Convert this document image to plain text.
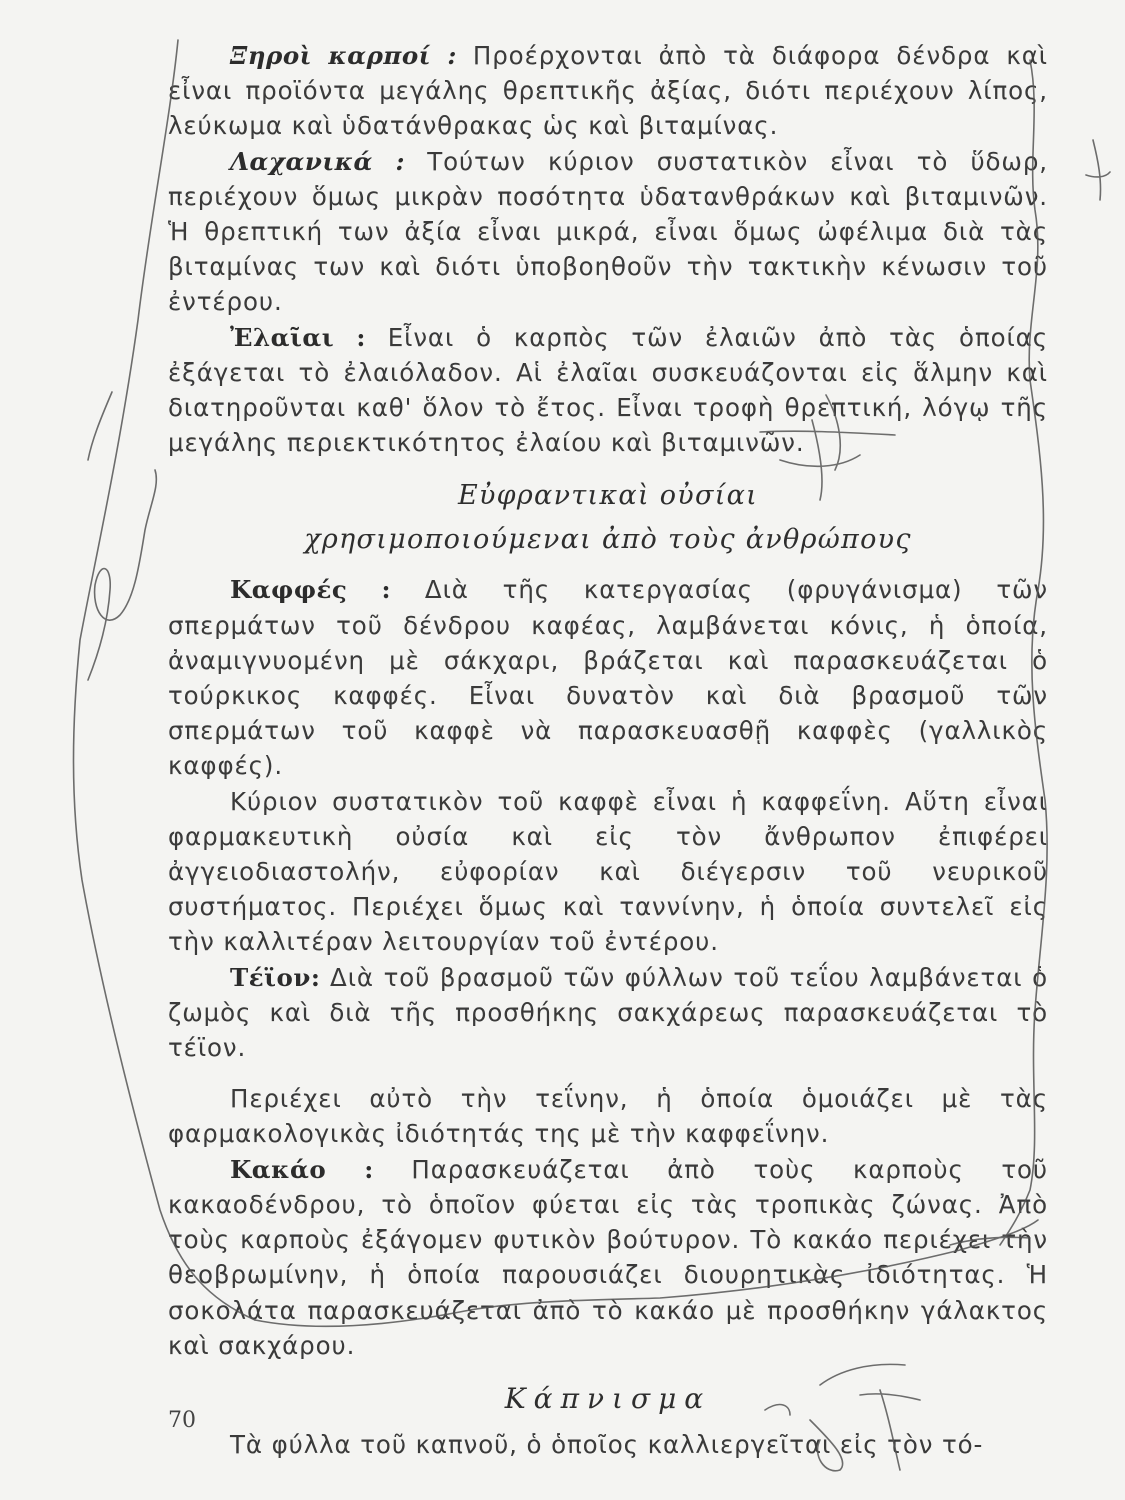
Ξηροὶ καρποί : Προέρχονται ἀπὸ τὰ διάφορα δένδρα καὶ εἶναι προϊόντα μεγάλης θρεπτικῆς ἀξίας, διότι περιέχουν λίπος, λεύκωμα καὶ ὑδατάνθρακας ὡς καὶ βιταμίνας.

Λαχανικά : Τούτων κύριον συστατικὸν εἶναι τὸ ὕδωρ, περιέχουν ὅμως μικρὰν ποσότητα ὑδατανθράκων καὶ βιταμινῶν. Ἡ θρεπτική των ἀξία εἶναι μικρά, εἶναι ὅμως ὠφέλιμα διὰ τὰς βιταμίνας των καὶ διότι ὑποβοηθοῦν τὴν τακτικὴν κένωσιν τοῦ ἐντέρου.

Ἐλαῖαι : Εἶναι ὁ καρπὸς τῶν ἐλαιῶν ἀπὸ τὰς ὁποίας ἐξάγεται τὸ ἐλαιόλαδον. Αἱ ἐλαῖαι συσκευάζονται εἰς ἅλμην καὶ διατηροῦνται καθ' ὅλον τὸ ἔτος. Εἶναι τροφὴ θρεπτική, λόγῳ τῆς μεγάλης περιεκτικότητος ἐλαίου καὶ βιταμινῶν.

Εὐφραντικαὶ οὐσίαι

χρησιμοποιούμεναι ἀπὸ τοὺς ἀνθρώπους

Καφφές : Διὰ τῆς κατεργασίας (φρυγάνισμα) τῶν σπερμάτων τοῦ δένδρου καφέας, λαμβάνεται κόνις, ἡ ὁποία, ἀναμιγνυομένη μὲ σάκχαρι, βράζεται καὶ παρασκευάζεται ὁ τούρκικος καφφές. Εἶναι δυνατὸν καὶ διὰ βρασμοῦ τῶν σπερμάτων τοῦ καφφὲ νὰ παρασκευασθῇ καφφὲς (γαλλικὸς καφφές).

Κύριον συστατικὸν τοῦ καφφὲ εἶναι ἡ καφφεΐνη. Αὕτη εἶναι φαρμακευτικὴ οὐσία καὶ εἰς τὸν ἄνθρωπον ἐπιφέρει ἀγγειοδιαστολήν, εὐφορίαν καὶ διέγερσιν τοῦ νευρικοῦ συστήματος. Περιέχει ὅμως καὶ ταννίνην, ἡ ὁποία συντελεῖ εἰς τὴν καλλιτέραν λειτουργίαν τοῦ ἐντέρου.

Τέϊον: Διὰ τοῦ βρασμοῦ τῶν φύλλων τοῦ τεΐου λαμβάνεται ὁ ζωμὸς καὶ διὰ τῆς προσθήκης σακχάρεως παρασκευάζεται τὸ τέϊον.

Περιέχει αὐτὸ τὴν τεΐνην, ἡ ὁποία ὁμοιάζει μὲ τὰς φαρμακολογικὰς ἰδιότητάς της μὲ τὴν καφφεΐνην.

Κακάο : Παρασκευάζεται ἀπὸ τοὺς καρποὺς τοῦ κακαοδένδρου, τὸ ὁποῖον φύεται εἰς τὰς τροπικὰς ζώνας. Ἀπὸ τοὺς καρποὺς ἐξάγομεν φυτικὸν βούτυρον. Τὸ κακάο περιέχει τὴν θεοβρωμίνην, ἡ ὁποία παρουσιάζει διουρητικὰς ἰδιότητας. Ἡ σοκολάτα παρασκευάζεται ἀπὸ τὸ κακάο μὲ προσθήκην γάλακτος καὶ σακχάρου.

Κάπνισμα

Τὰ φύλλα τοῦ καπνοῦ, ὁ ὁποῖος καλλιεργεῖται εἰς τὸν τό-

70
